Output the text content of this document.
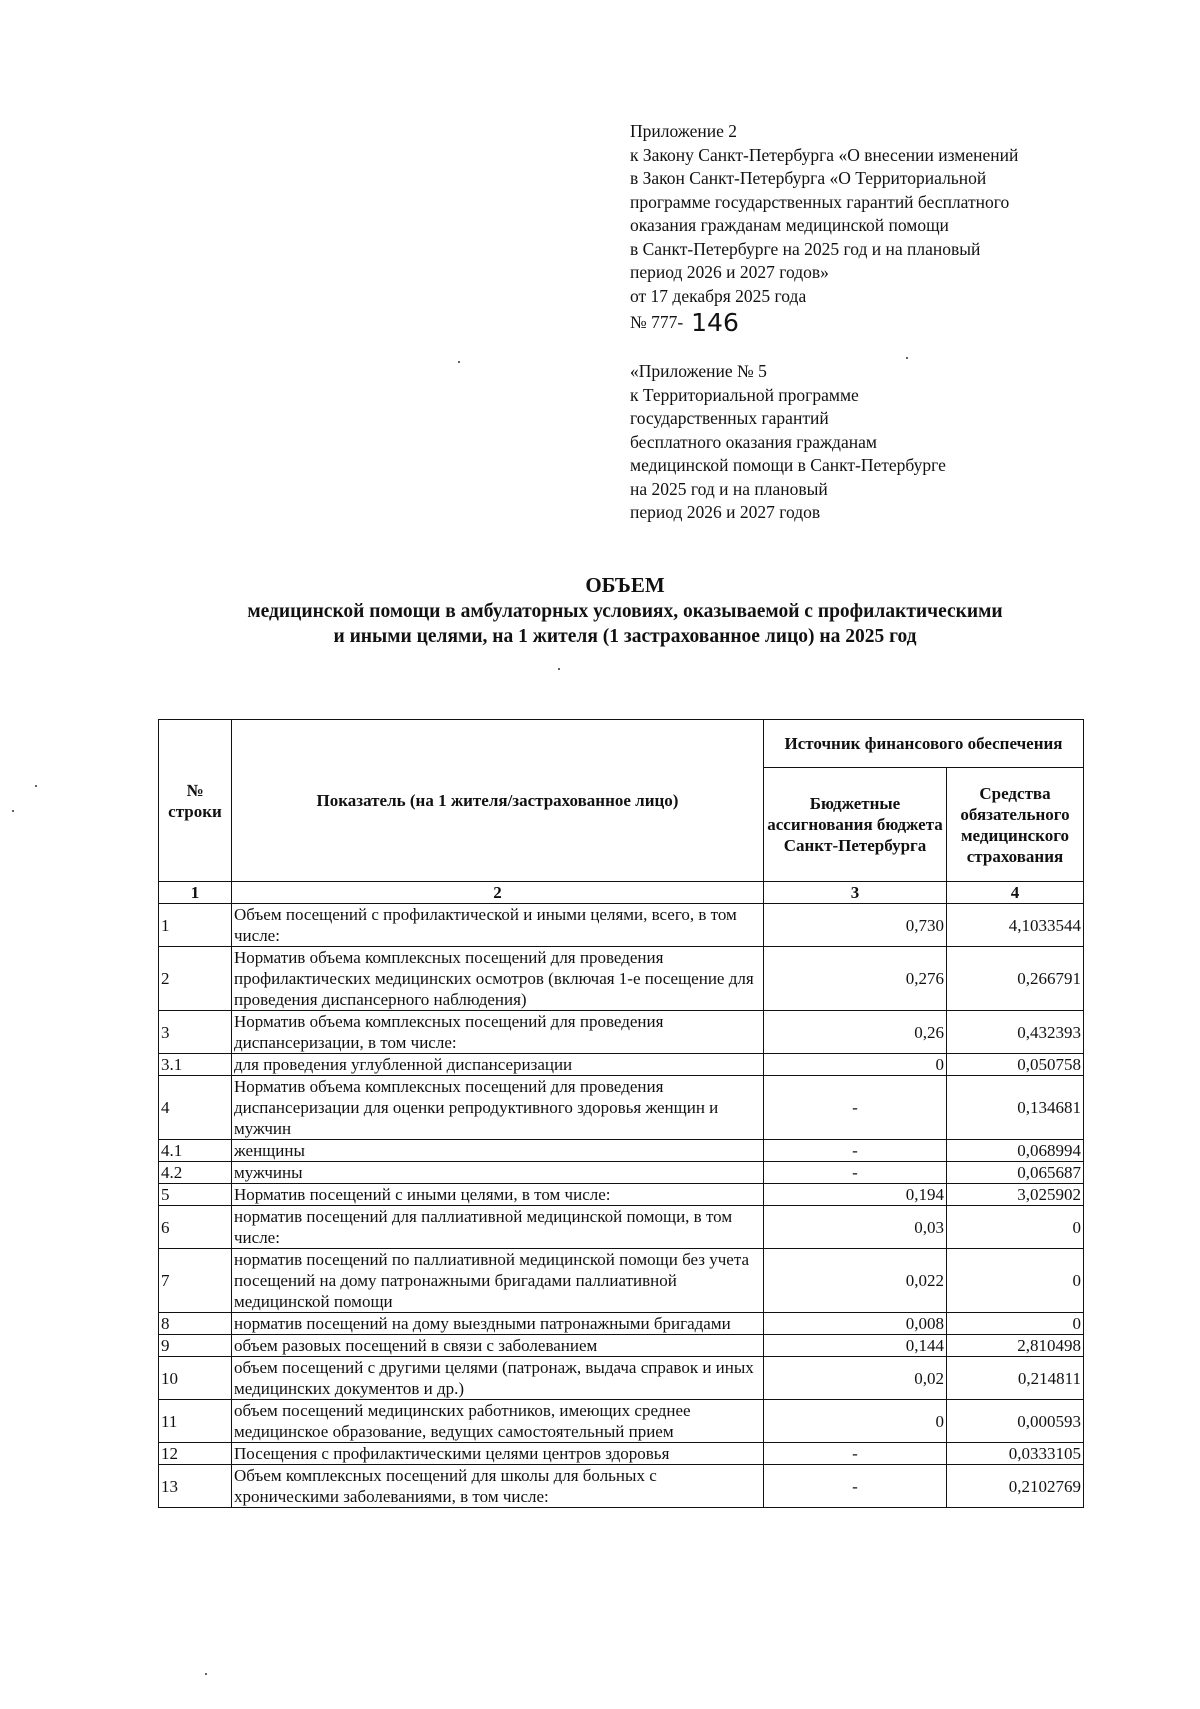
Приложение 2
к Закону Санкт-Петербурга «О внесении изменений
в Закон Санкт-Петербурга «О Территориальной
программе государственных гарантий бесплатного
оказания гражданам медицинской помощи
в Санкт-Петербурге на 2025 год и на плановый
период 2026 и 2027 годов»
от 17 декабря 2025 года
№ 777- 146
«Приложение № 5
к Территориальной программе
государственных гарантий
бесплатного оказания гражданам
медицинской помощи в Санкт-Петербурге
на 2025 год и на плановый
период 2026 и 2027 годов
ОБЪЕМ
медицинской помощи в амбулаторных условиях, оказываемой с профилактическими
и иными целями, на 1 жителя (1 застрахованное лицо) на 2025 год
№ строки	Показатель (на 1 жителя/застрахованное лицо)	Источник финансового обеспечения	
		Бюджетные ассигнования бюджета Санкт-Петербурга	Средства обязательного медицинского страхования
1	2	3	4
1	Объем посещений с профилактической и иными целями, всего, в том числе:	0,730	4,1033544
2	Норматив объема комплексных посещений для проведения профилактических медицинских осмотров (включая 1-е посещение для проведения диспансерного наблюдения)	0,276	0,266791
3	Норматив объема комплексных посещений для проведения диспансеризации, в том числе:	0,26	0,432393
3.1	для проведения углубленной диспансеризации	0	0,050758
4	Норматив объема комплексных посещений для проведения диспансеризации для оценки репродуктивного здоровья женщин и мужчин	-	0,134681
4.1	женщины	-	0,068994
4.2	мужчины	-	0,065687
5	Норматив посещений с иными целями, в том числе:	0,194	3,025902
6	норматив посещений для паллиативной медицинской помощи, в том числе:	0,03	0
7	норматив посещений по паллиативной медицинской помощи без учета посещений на дому патронажными бригадами паллиативной медицинской помощи	0,022	0
8	норматив посещений на дому выездными патронажными бригадами	0,008	0
9	объем разовых посещений в связи с заболеванием	0,144	2,810498
10	объем посещений с другими целями (патронаж, выдача справок и иных медицинских документов и др.)	0,02	0,214811
11	объем посещений медицинских работников, имеющих среднее медицинское образование, ведущих самостоятельный прием	0	0,000593
12	Посещения с профилактическими целями центров здоровья	-	0,0333105
13	Объем комплексных посещений для школы для больных с хроническими заболеваниями, в том числе:	-	0,2102769
